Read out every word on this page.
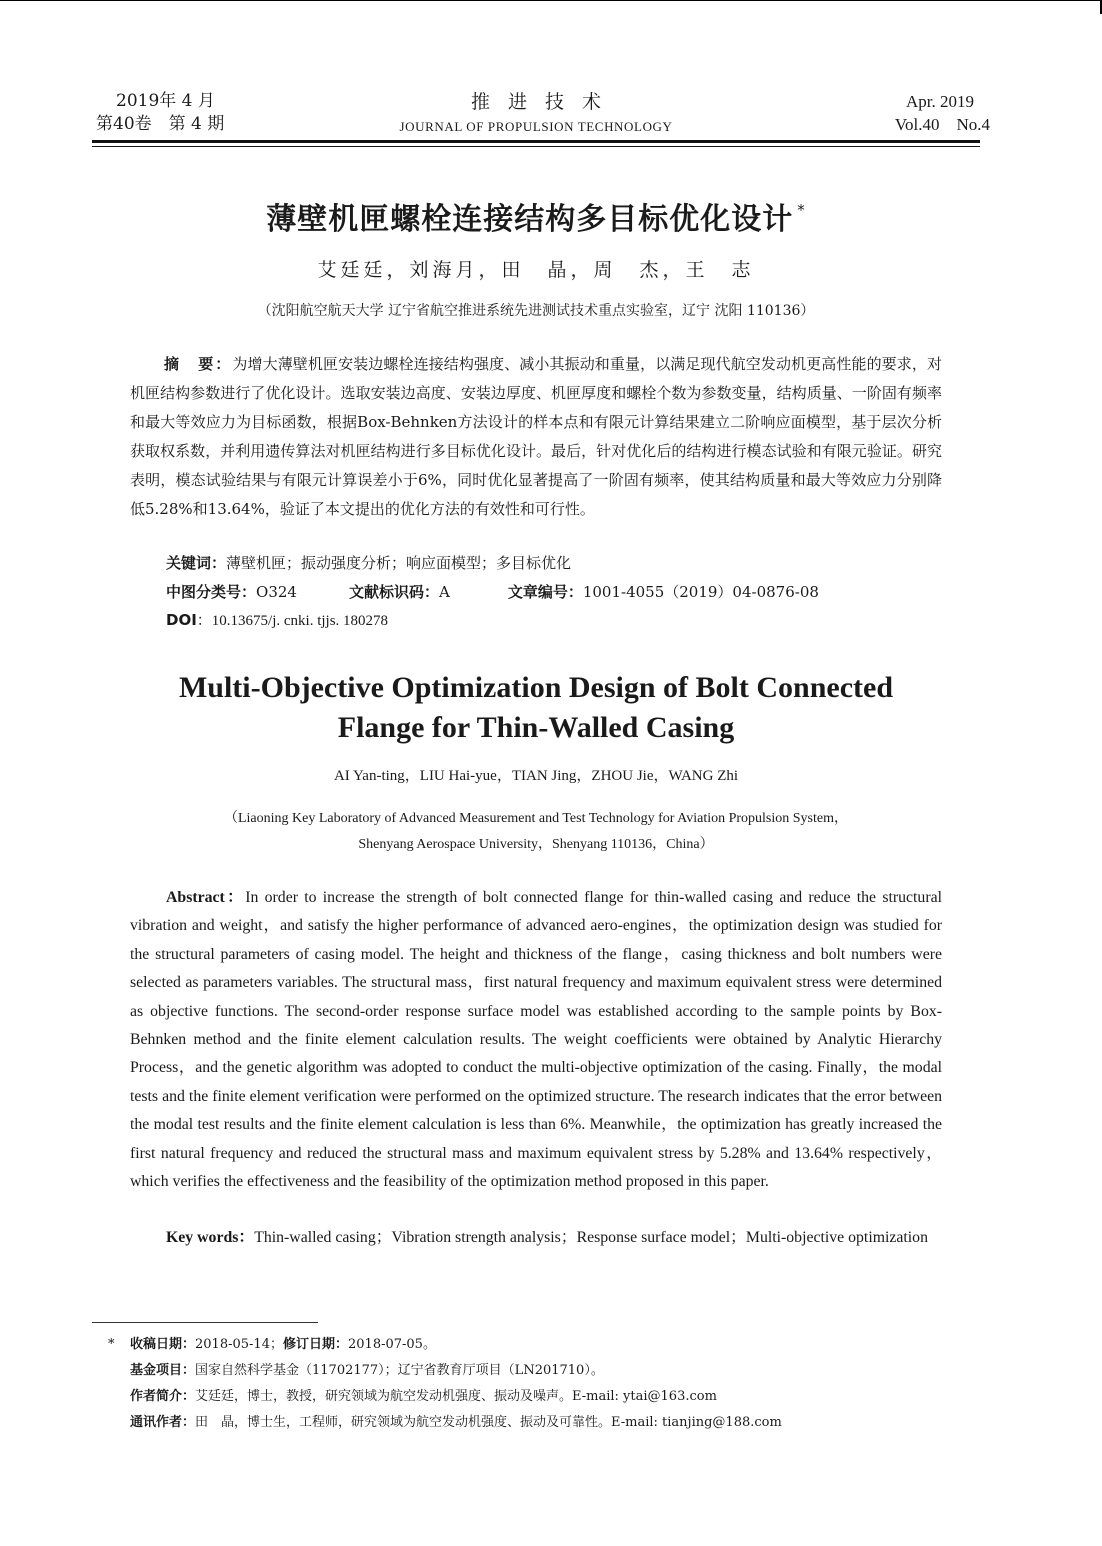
2019年 4 月
第40卷　第 4 期
推进技术
JOURNAL OF PROPULSION TECHNOLOGY
Apr. 2019
Vol.40　No.4
薄壁机匣螺栓连接结构多目标优化设计 *
艾廷廷，刘海月，田　晶，周　杰，王　志
（沈阳航空航天大学 辽宁省航空推进系统先进测试技术重点实验室，辽宁 沈阳 110136）
摘　要：为增大薄壁机匣安装边螺栓连接结构强度、减小其振动和重量，以满足现代航空发动机更高性能的要求，对机匣结构参数进行了优化设计。选取安装边高度、安装边厚度、机匣厚度和螺栓个数为参数变量，结构质量、一阶固有频率和最大等效应力为目标函数，根据Box-Behnken方法设计的样本点和有限元计算结果建立二阶响应面模型，基于层次分析获取权系数，并利用遗传算法对机匣结构进行多目标优化设计。最后，针对优化后的结构进行模态试验和有限元验证。研究表明，模态试验结果与有限元计算误差小于6%，同时优化显著提高了一阶固有频率，使其结构质量和最大等效应力分别降低5.28%和13.64%，验证了本文提出的优化方法的有效性和可行性。
关键词：薄壁机匣；振动强度分析；响应面模型；多目标优化
中图分类号：O324	文献标识码：A	文章编号：1001-4055（2019）04-0876-08
DOI：10.13675/j. cnki. tjjs. 180278
Multi-Objective Optimization Design of Bolt Connected
Flange for Thin-Walled Casing
AI Yan-ting，LIU Hai-yue，TIAN Jing，ZHOU Jie，WANG Zhi
（Liaoning Key Laboratory of Advanced Measurement and Test Technology for Aviation Propulsion System，
Shenyang Aerospace University，Shenyang 110136，China）
Abstract：In order to increase the strength of bolt connected flange for thin-walled casing and reduce the structural vibration and weight，and satisfy the higher performance of advanced aero-engines，the optimization design was studied for the structural parameters of casing model. The height and thickness of the flange，casing thickness and bolt numbers were selected as parameters variables. The structural mass，first natural frequency and maximum equivalent stress were determined as objective functions. The second-order response surface model was established according to the sample points by Box-Behnken method and the finite element calculation results. The weight coefficients were obtained by Analytic Hierarchy Process，and the genetic algorithm was adopted to conduct the multi-objective optimization of the casing. Finally，the modal tests and the finite element verification were performed on the optimized structure. The research indicates that the error between the modal test results and the finite element calculation is less than 6%. Meanwhile，the optimization has greatly increased the first natural frequency and reduced the structural mass and maximum equivalent stress by 5.28% and 13.64% respectively，which verifies the effectiveness and the feasibility of the optimization method proposed in this paper.
Key words：Thin-walled casing；Vibration strength analysis；Response surface model；Multi-objective optimization
* 收稿日期：2018-05-14；修订日期：2018-07-05。
基金项目：国家自然科学基金（11702177）；辽宁省教育厅项目（LN201710）。
作者简介：艾廷廷，博士，教授，研究领域为航空发动机强度、振动及噪声。E-mail: ytai@163.com
通讯作者：田　晶，博士生，工程师，研究领域为航空发动机强度、振动及可靠性。E-mail: tianjing@188.com
